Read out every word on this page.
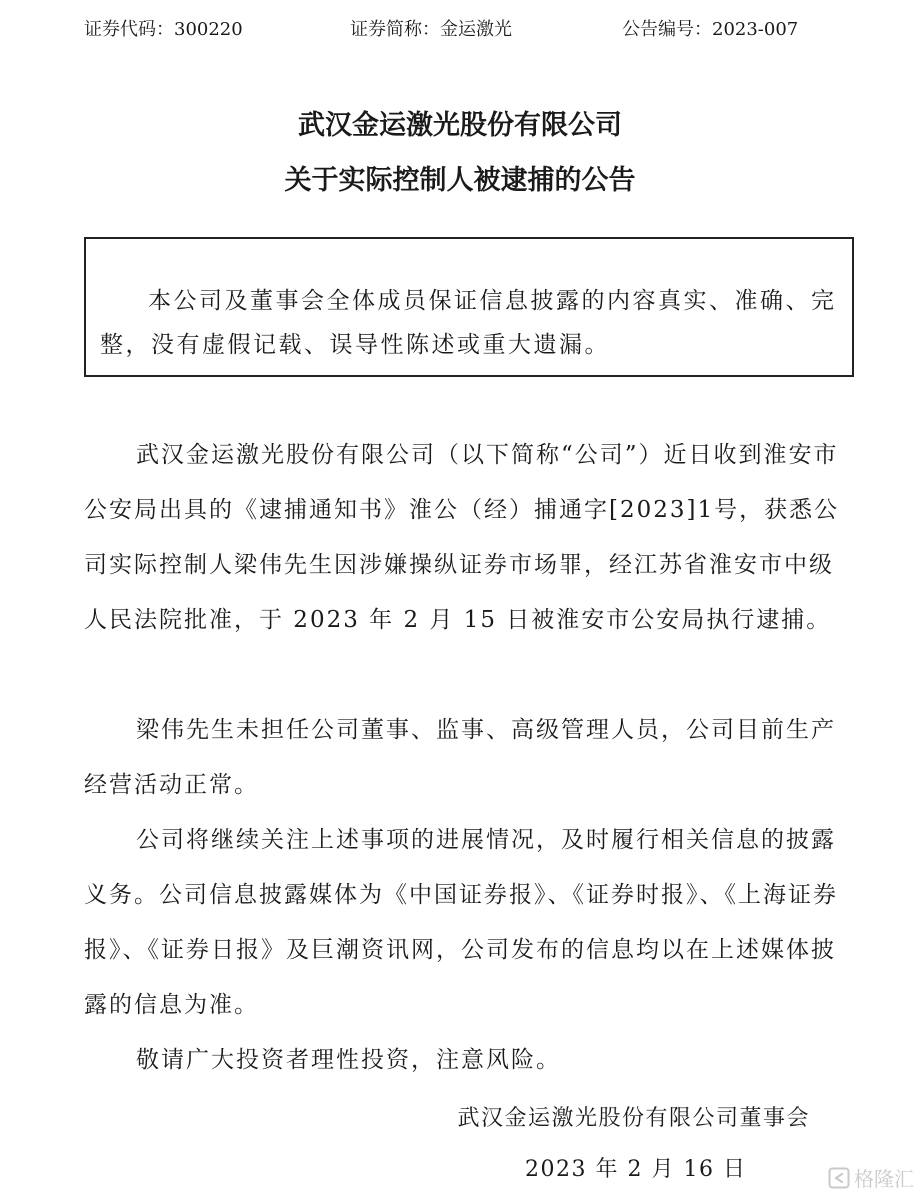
证券代码：300220	证券简称：金运激光	公告编号：2023-007
武汉金运激光股份有限公司
关于实际控制人被逮捕的公告

本公司及董事会全体成员保证信息披露的内容真实、准确、完整，没有虚假记载、误导性陈述或重大遗漏。

武汉金运激光股份有限公司（以下简称“公司”）近日收到淮安市公安局出具的《逮捕通知书》淮公（经）捕通字[2023]1号，获悉公司实际控制人梁伟先生因涉嫌操纵证券市场罪，经江苏省淮安市中级人民法院批准，于 2023 年 2 月 15 日被淮安市公安局执行逮捕。

梁伟先生未担任公司董事、监事、高级管理人员，公司目前生产经营活动正常。

公司将继续关注上述事项的进展情况，及时履行相关信息的披露义务。公司信息披露媒体为《中国证券报》、《证券时报》、《上海证券报》、《证券日报》及巨潮资讯网，公司发布的信息均以在上述媒体披露的信息为准。

敬请广大投资者理性投资，注意风险。

武汉金运激光股份有限公司董事会
2023 年 2 月 16 日	格隆汇
